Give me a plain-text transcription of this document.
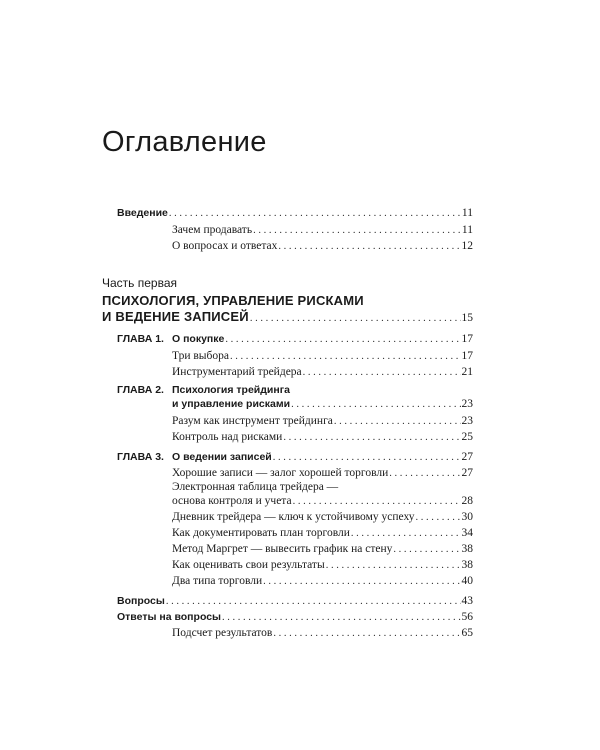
Оглавление
Введение . . .	11
Зачем продавать . . .	11
О вопросах и ответах . . .	12
Часть первая
ПСИХОЛОГИЯ, УПРАВЛЕНИЕ РИСКАМИ
И ВЕДЕНИЕ ЗАПИСЕЙ . . .	15
ГЛАВА 1. О покупке . . .	17
Три выбора . . .	17
Инструментарий трейдера . . .	21
ГЛАВА 2. Психология трейдинга
и управление рисками . . .	23
Разум как инструмент трейдинга . . .	23
Контроль над рисками . . .	25
ГЛАВА 3. О ведении записей . . .	27
Хорошие записи — залог хорошей торговли . . .	27
Электронная таблица трейдера —
основа контроля и учета . . .	28
Дневник трейдера — ключ к устойчивому успеху . . .	30
Как документировать план торговли . . .	34
Метод Маргрет — вывесить график на стену . . .	38
Как оценивать свои результаты . . .	38
Два типа торговли . . .	40
Вопросы . . .	43
Ответы на вопросы . . .	56
Подсчет результатов . . .	65
